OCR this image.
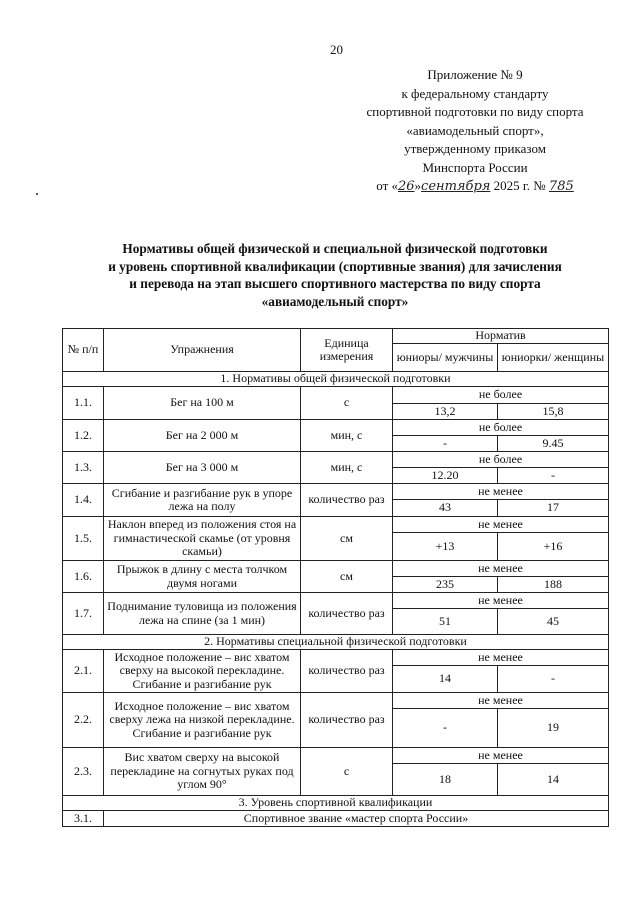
20
Приложение № 9
к федеральному стандарту
спортивной подготовки по виду спорта
«авиамодельный спорт»,
утвержденному приказом
Минспорта России
от «26»сентября 2025 г. № 785
Нормативы общей физической и специальной физической подготовки
и уровень спортивной квалификации (спортивные звания) для зачисления
и перевода на этап высшего спортивного мастерства по виду спорта
«авиамодельный спорт»
№ п/п	Упражнения	Единица измерения	Норматив	
			юниоры/ мужчины	юниорки/ женщины
1. Нормативы общей физической подготовки				
1.1.	Бег на 100 м	с	не более	
			13,2	15,8
1.2.	Бег на 2 000 м	мин, с	не более	
			-	9.45
1.3.	Бег на 3 000 м	мин, с	не более	
			12.20	-
1.4.	Сгибание и разгибание рук в упоре лежа на полу	количество раз	не менее	
			43	17
1.5.	Наклон вперед из положения стоя на гимнастической скамье (от уровня скамьи)	см	не менее	
			+13	+16
1.6.	Прыжок в длину с места толчком двумя ногами	см	не менее	
			235	188
1.7.	Поднимание туловища из положения лежа на спине (за 1 мин)	количество раз	не менее	
			51	45
2. Нормативы специальной физической подготовки				
2.1.	Исходное положение – вис хватом сверху на высокой перекладине. Сгибание и разгибание рук	количество раз	не менее	
			14	-
2.2.	Исходное положение – вис хватом сверху лежа на низкой перекладине. Сгибание и разгибание рук	количество раз	не менее	
			-	19
2.3.	Вис хватом сверху на высокой перекладине на согнутых руках под углом 90°	с	не менее	
			18	14
3. Уровень спортивной квалификации				
3.1.	Спортивное звание «мастер спорта России»			
